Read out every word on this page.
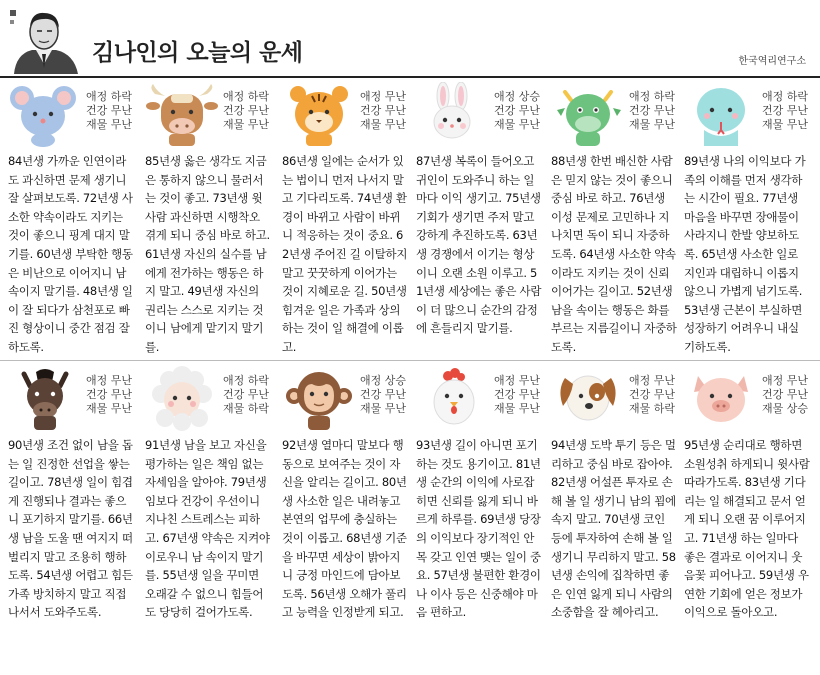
김나인의 오늘의 운세	한국역리연구소
애정 하락
건강 무난
재물 무난
84년생 가까운 인연이라도 과신하면 문제 생기니 잘 살펴보도록. 72년생 사소한 약속이라도 지키는 것이 좋으니 핑계 대지 말기를. 60년생 부탁한 행동은 비난으로 이어지니 남 속이지 말기를. 48년생 일이 잘 되다가 삼천포로 빠진 형상이니 중간 점검 잘하도록.
애정 하락
건강 무난
재물 무난
85년생 옳은 생각도 지금은 통하지 않으니 물러서는 것이 좋고. 73년생 윗사람 과신하면 시행착오 겪게 되니 중심 바로 하고. 61년생 자신의 실수를 남에게 전가하는 행동은 하지 말고. 49년생 자신의 권리는 스스로 지키는 것이니 남에게 맡기지 말기를.
애정 무난
건강 무난
재물 무난
86년생 일에는 순서가 있는 법이니 먼저 나서지 말고 기다리도록. 74년생 환경이 바뀌고 사람이 바뀌니 적응하는 것이 중요. 62년생 주어진 길 이탈하지 말고 꿋꿋하게 이어가는 것이 지혜로운 길. 50년생 힘겨운 일은 가족과 상의하는 것이 일 해결에 이롭고.
애정 상승
건강 무난
재물 무난
87년생 복록이 들어오고 귀인이 도와주니 하는 일마다 이익 생기고. 75년생 기회가 생기면 주저 말고 강하게 추진하도록. 63년생 경쟁에서 이기는 형상이니 오랜 소원 이루고. 51년생 세상에는 좋은 사람이 더 많으니 순간의 감정에 흔들리지 말기를.
애정 하락
건강 무난
재물 무난
88년생 한번 배신한 사람은 믿지 않는 것이 좋으니 중심 바로 하고. 76년생 이성 문제로 고민하나 지나치면 독이 되니 자중하도록. 64년생 사소한 약속이라도 지키는 것이 신뢰 이어가는 길이고. 52년생 남을 속이는 행동은 화를 부르는 지름길이니 자중하도록.
애정 하락
건강 무난
재물 무난
89년생 나의 이익보다 가족의 이해를 먼저 생각하는 시간이 필요. 77년생 마음을 바꾸면 장애물이 사라지니 한발 양보하도록. 65년생 사소한 일로 지인과 대립하니 이롭지 않으니 가볍게 넘기도록. 53년생 근본이 부실하면 성장하기 어려우니 내실 기하도록.
애정 무난
건강 무난
재물 무난
90년생 조건 없이 남을 돕는 일 진정한 선업을 쌓는 길이고. 78년생 일이 힘겹게 진행되나 결과는 좋으니 포기하지 말기를. 66년생 남을 도울 땐 여지지 떠벌리지 말고 조용히 행하도록. 54년생 어렵고 힘든 가족 방치하지 말고 직접 나서서 도와주도록.
애정 하락
건강 무난
재물 하락
91년생 남을 보고 자신을 평가하는 일은 책임 없는 자세임을 알아야. 79년생 임보다 건강이 우선이니 지나친 스트레스는 피하고. 67년생 약속은 지켜야 이로우니 남 속이지 말기를. 55년생 일을 꾸미면 오래갈 수 없으니 힘들어도 당당히 걸어가도록.
애정 상승
건강 무난
재물 무난
92년생 열마디 말보다 행동으로 보여주는 것이 자신을 알리는 길이고. 80년생 사소한 일은 내려놓고 본연의 업무에 충실하는 것이 이롭고. 68년생 기준을 바꾸면 세상이 밝아지니 긍정 마인드에 담아보도록. 56년생 오해가 풀리고 능력을 인정받게 되고.
애정 무난
건강 무난
재물 무난
93년생 길이 아니면 포기하는 것도 용기이고. 81년생 순간의 이익에 사로잡히면 신뢰를 잃게 되니 바르게 하루를. 69년생 당장의 이익보다 장기적인 안목 갖고 인연 맺는 일이 중요. 57년생 불편한 환경이나 이사 등은 신중해야 마음 편하고.
애정 무난
건강 무난
재물 하락
94년생 도박 투기 등은 멀리하고 중심 바로 잡아야. 82년생 어설픈 투자로 손해 볼 일 생기니 남의 꾐에 속지 말고. 70년생 코인 등에 투자하여 손해 볼 일 생기니 무리하지 말고. 58년생 손익에 집착하면 좋은 인연 잃게 되니 사람의 소중함을 잘 헤아리고.
애정 무난
건강 무난
재물 상승
95년생 순리대로 행하면 소원성취 하게되니 윗사람 따라가도록. 83년생 기다리는 일 해결되고 문서 얻게 되니 오랜 꿈 이루어지고. 71년생 하는 일마다 좋은 결과로 이어지니 웃음꽃 피어나고. 59년생 우연한 기회에 얻은 정보가 이익으로 돌아오고.
